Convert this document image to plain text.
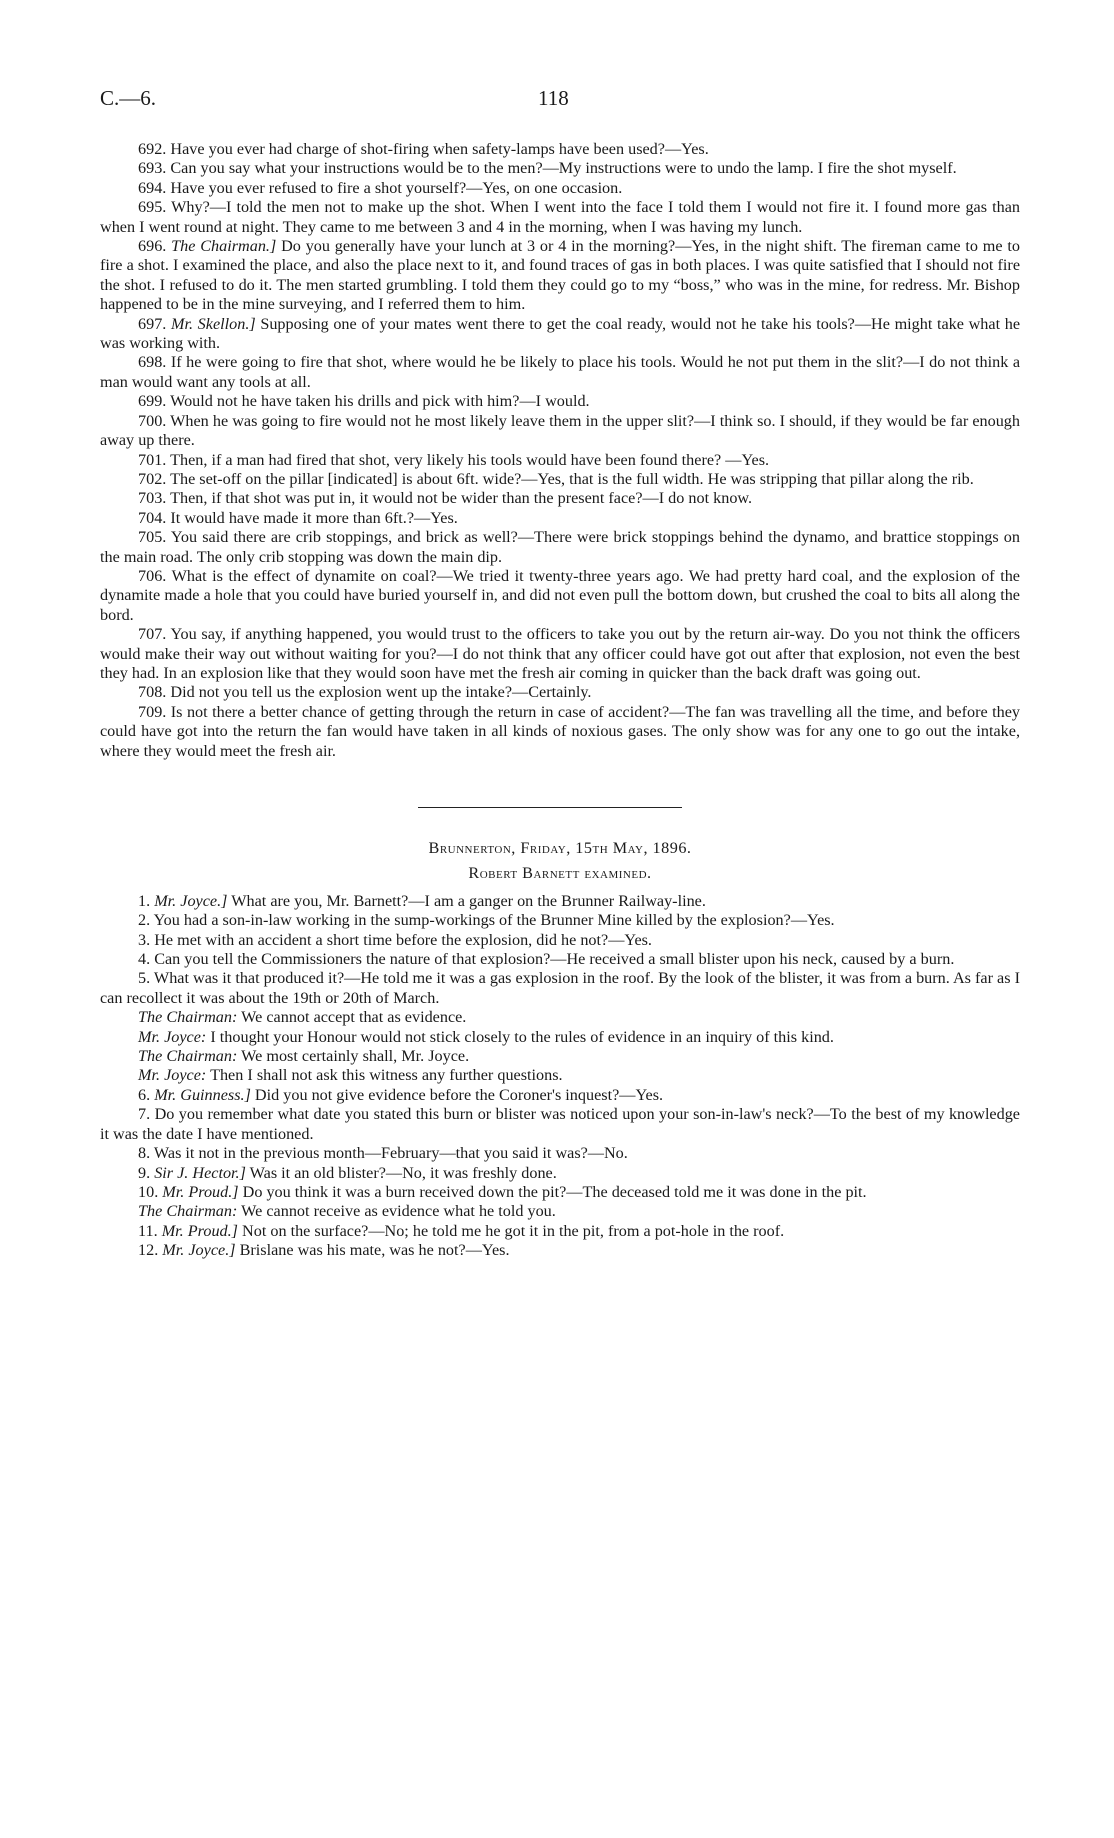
C.—6.	118

692. Have you ever had charge of shot-firing when safety-lamps have been used?—Yes.

693. Can you say what your instructions would be to the men?—My instructions were to undo the lamp. I fire the shot myself.

694. Have you ever refused to fire a shot yourself?—Yes, on one occasion.

695. Why?—I told the men not to make up the shot. When I went into the face I told them I would not fire it. I found more gas than when I went round at night. They came to me between 3 and 4 in the morning, when I was having my lunch.

696. The Chairman.] Do you generally have your lunch at 3 or 4 in the morning?—Yes, in the night shift. The fireman came to me to fire a shot. I examined the place, and also the place next to it, and found traces of gas in both places. I was quite satisfied that I should not fire the shot. I refused to do it. The men started grumbling. I told them they could go to my “boss,” who was in the mine, for redress. Mr. Bishop happened to be in the mine surveying, and I referred them to him.

697. Mr. Skellon.] Supposing one of your mates went there to get the coal ready, would not he take his tools?—He might take what he was working with.

698. If he were going to fire that shot, where would he be likely to place his tools. Would he not put them in the slit?—I do not think a man would want any tools at all.

699. Would not he have taken his drills and pick with him?—I would.

700. When he was going to fire would not he most likely leave them in the upper slit?—I think so. I should, if they would be far enough away up there.

701. Then, if a man had fired that shot, very likely his tools would have been found there? —Yes.

702. The set-off on the pillar [indicated] is about 6ft. wide?—Yes, that is the full width. He was stripping that pillar along the rib.

703. Then, if that shot was put in, it would not be wider than the present face?—I do not know.

704. It would have made it more than 6ft.?—Yes.

705. You said there are crib stoppings, and brick as well?—There were brick stoppings behind the dynamo, and brattice stoppings on the main road. The only crib stopping was down the main dip.

706. What is the effect of dynamite on coal?—We tried it twenty-three years ago. We had pretty hard coal, and the explosion of the dynamite made a hole that you could have buried yourself in, and did not even pull the bottom down, but crushed the coal to bits all along the bord.

707. You say, if anything happened, you would trust to the officers to take you out by the return air-way. Do you not think the officers would make their way out without waiting for you?—I do not think that any officer could have got out after that explosion, not even the best they had. In an explosion like that they would soon have met the fresh air coming in quicker than the back draft was going out.

708. Did not you tell us the explosion went up the intake?—Certainly.

709. Is not there a better chance of getting through the return in case of accident?—The fan was travelling all the time, and before they could have got into the return the fan would have taken in all kinds of noxious gases. The only show was for any one to go out the intake, where they would meet the fresh air.

Brunnerton, Friday, 15th May, 1896.

Robert Barnett examined.

1. Mr. Joyce.] What are you, Mr. Barnett?—I am a ganger on the Brunner Railway-line.

2. You had a son-in-law working in the sump-workings of the Brunner Mine killed by the explosion?—Yes.

3. He met with an accident a short time before the explosion, did he not?—Yes.

4. Can you tell the Commissioners the nature of that explosion?—He received a small blister upon his neck, caused by a burn.

5. What was it that produced it?—He told me it was a gas explosion in the roof. By the look of the blister, it was from a burn. As far as I can recollect it was about the 19th or 20th of March.

The Chairman: We cannot accept that as evidence.

Mr. Joyce: I thought your Honour would not stick closely to the rules of evidence in an inquiry of this kind.

The Chairman: We most certainly shall, Mr. Joyce.

Mr. Joyce: Then I shall not ask this witness any further questions.

6. Mr. Guinness.] Did you not give evidence before the Coroner's inquest?—Yes.

7. Do you remember what date you stated this burn or blister was noticed upon your son-in-law's neck?—To the best of my knowledge it was the date I have mentioned.

8. Was it not in the previous month—February—that you said it was?—No.

9. Sir J. Hector.] Was it an old blister?—No, it was freshly done.

10. Mr. Proud.] Do you think it was a burn received down the pit?—The deceased told me it was done in the pit.

The Chairman: We cannot receive as evidence what he told you.

11. Mr. Proud.] Not on the surface?—No; he told me he got it in the pit, from a pot-hole in the roof.

12. Mr. Joyce.] Brislane was his mate, was he not?—Yes.
